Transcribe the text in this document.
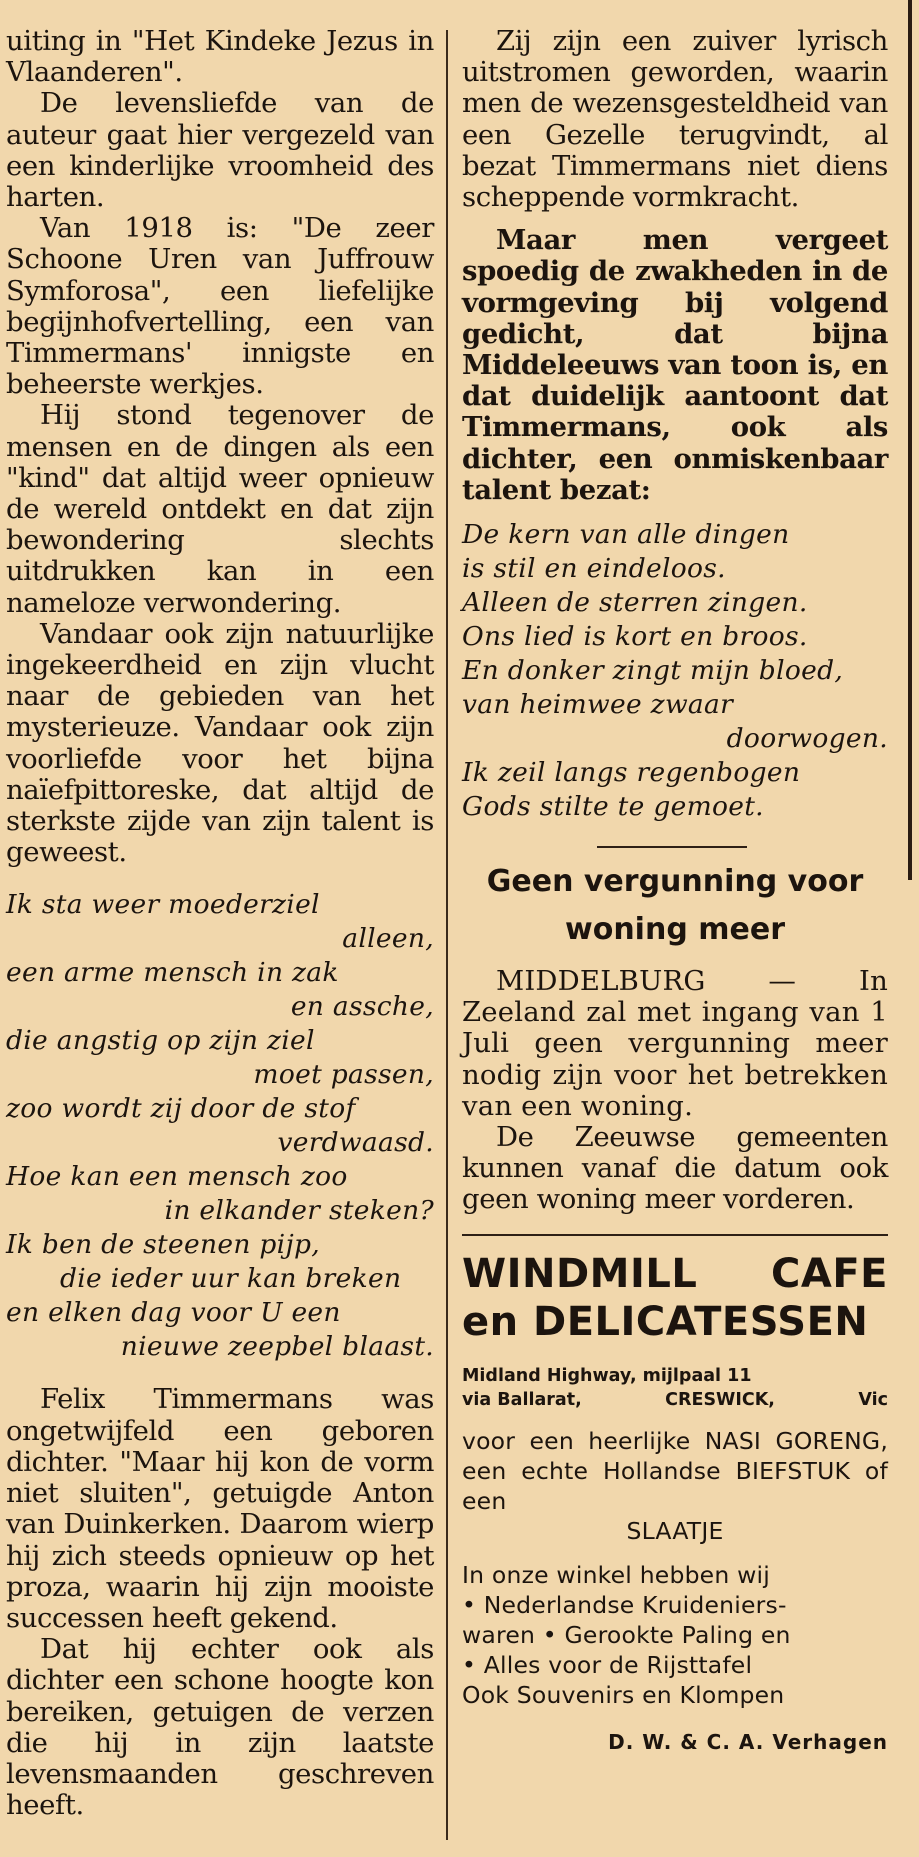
uiting in "Het Kindeke Jezus in Vlaanderen".

De levensliefde van de auteur gaat hier vergezeld van een kinderlijke vroomheid des harten.

Van 1918 is: "De zeer Schoone Uren van Juffrouw Symforosa", een liefelijke begijnhofvertelling, een van Timmermans' innigste en beheerste werkjes.

Hij stond tegenover de mensen en de dingen als een "kind" dat altijd weer opnieuw de wereld ontdekt en dat zijn bewondering slechts uitdrukken kan in een nameloze verwondering.

Vandaar ook zijn natuurlijke ingekeerdheid en zijn vlucht naar de gebieden van het mysterieuze. Vandaar ook zijn voorliefde voor het bijna naïefpittoreske, dat altijd de sterkste zijde van zijn talent is geweest.

Ik sta weer moederziel
alleen,
een arme mensch in zak
en assche,
die angstig op zijn ziel
moet passen,
zoo wordt zij door de stof
verdwaasd.
Hoe kan een mensch zoo
in elkander steken?
Ik ben de steenen pijp,
die ieder uur kan breken
en elken dag voor U een
nieuwe zeepbel blaast.

Felix Timmermans was ongetwijfeld een geboren dichter. "Maar hij kon de vorm niet sluiten", getuigde Anton van Duinkerken. Daarom wierp hij zich steeds opnieuw op het proza, waarin hij zijn mooiste successen heeft gekend.

Dat hij echter ook als dichter een schone hoogte kon bereiken, getuigen de verzen die hij in zijn laatste levensmaanden geschreven heeft.

Zij zijn een zuiver lyrisch uitstromen geworden, waarin men de wezensgesteldheid van een Gezelle terugvindt, al bezat Timmermans niet diens scheppende vormkracht.

Maar men vergeet spoedig de zwakheden in de vormgeving bij volgend gedicht, dat bijna Middeleeuws van toon is, en dat duidelijk aantoont dat Timmermans, ook als dichter, een onmiskenbaar talent bezat:

De kern van alle dingen
is stil en eindeloos.
Alleen de sterren zingen.
Ons lied is kort en broos.
En donker zingt mijn bloed,
van heimwee zwaar
doorwogen.
Ik zeil langs regenbogen
Gods stilte te gemoet.
Geen vergunning voor woning meer

MIDDELBURG — In Zeeland zal met ingang van 1 Juli geen vergunning meer nodig zijn voor het betrekken van een woning.

De Zeeuwse gemeenten kunnen vanaf die datum ook geen woning meer vorderen.

WINDMILL CAFE
en DELICATESSEN
Midland Highway, mijlpaal 11
via Ballarat,	CRESWICK,	Vic
voor een heerlijke NASI GORENG, een echte Hollandse BIEFSTUK of een
SLAATJE
In onze winkel hebben wij
• Nederlandse Kruideniers-
waren • Gerookte Paling en
• Alles voor de Rijsttafel
Ook Souvenirs en Klompen
D. W. & C. A. Verhagen
